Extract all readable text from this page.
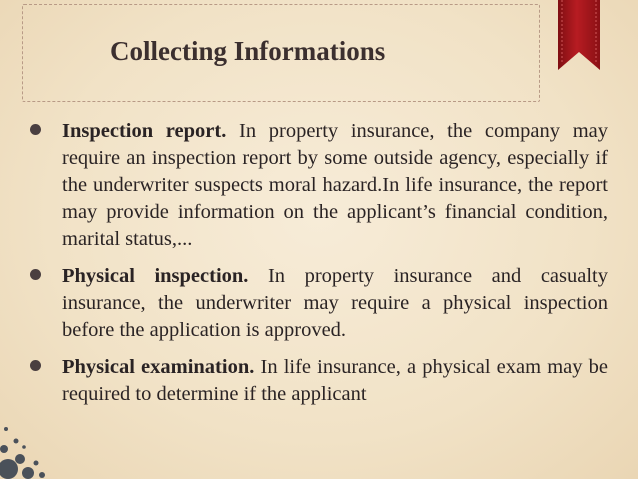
Collecting Informations
Inspection report. In property insurance, the company may require an inspection report by some outside agency, especially if the underwriter suspects moral hazard.In life insurance, the report may provide information on the applicant’s financial condition, marital status,...
Physical inspection. In property insurance and casualty insurance, the underwriter may require a physical inspection before the application is approved.
Physical examination. In life insurance, a physical exam may be required to determine if the applicant
